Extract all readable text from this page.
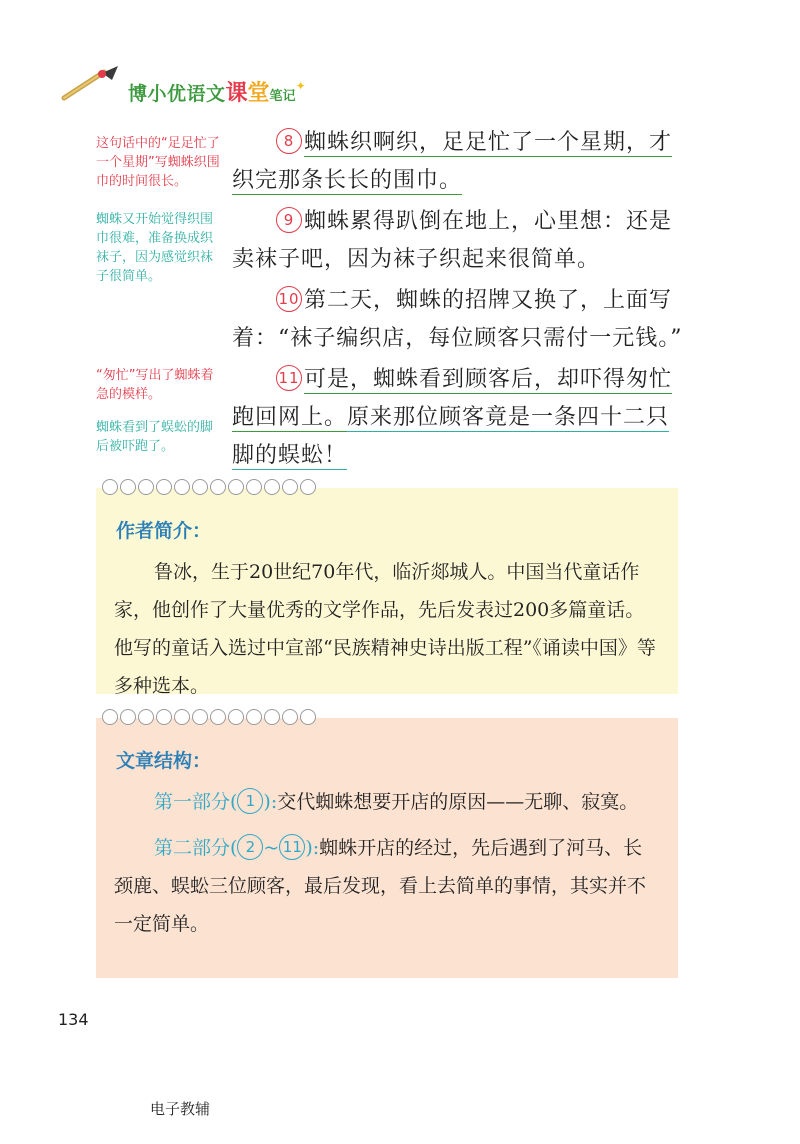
博小优语文课堂笔记✦
这句话中的“足足忙了一个星期”写蜘蛛织围巾的时间很长。
蜘蛛又开始觉得织围巾很难，准备换成织袜子，因为感觉织袜子很简单。
“匆忙”写出了蜘蛛着急的模样。
蜘蛛看到了蜈蚣的脚后被吓跑了。

8 蜘蛛织啊织，足足忙了一个星期，才织完那条长长的围巾。

9 蜘蛛累得趴倒在地上，心里想：还是卖袜子吧，因为袜子织起来很简单。

10 第二天，蜘蛛的招牌又换了，上面写着：“袜子编织店，每位顾客只需付一元钱。”

11 可是，蜘蛛看到顾客后，却吓得匆忙跑回网上。原来那位顾客竟是一条四十二只脚的蜈蚣！

作者简介：

鲁冰，生于20世纪70年代，临沂郯城人。中国当代童话作家，他创作了大量优秀的文学作品，先后发表过200多篇童话。他写的童话入选过中宣部“民族精神史诗出版工程”《诵读中国》等多种选本。

文章结构：

第一部分( 1 ):交代蜘蛛想要开店的原因——无聊、寂寞。

第二部分( 2 ~ 11 ):蜘蛛开店的经过，先后遇到了河马、长颈鹿、蜈蚣三位顾客，最后发现，看上去简单的事情，其实并不一定简单。

134
电子教辅
